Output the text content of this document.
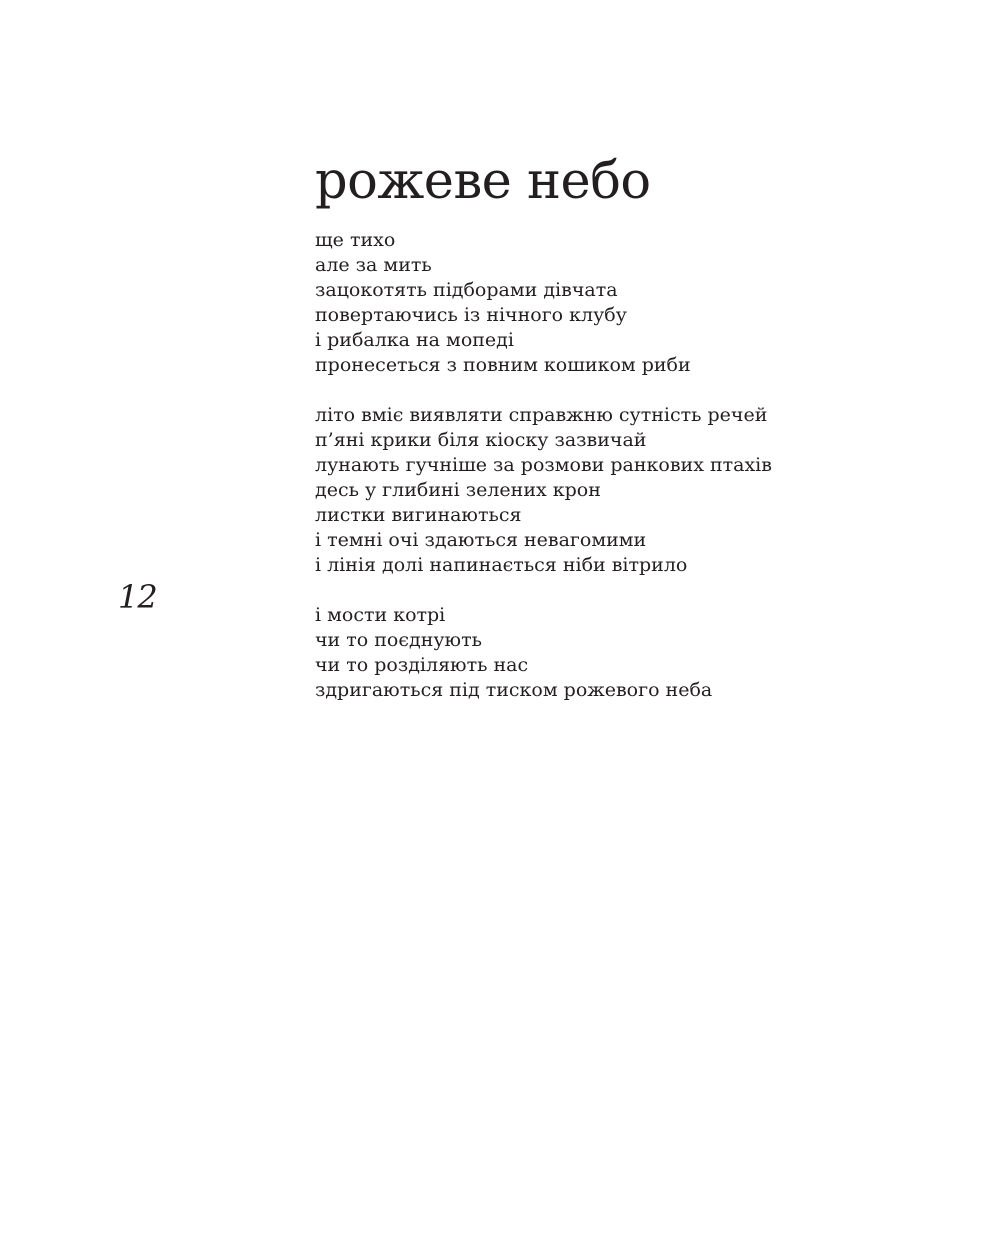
12
рожеве небо

ще тихо
але за мить
зацокотять підборами дівчата
повертаючись із нічного клубу
і рибалка на мопеді
пронесеться з повним кошиком риби

літо вміє виявляти справжню сутність речей
п’яні крики біля кіоску зазвичай
лунають гучніше за розмови ранкових птахів
десь у глибині зелених крон
листки вигинаються
і темні очі здаються невагомими
і лінія долі напинається ніби вітрило

і мости котрі
чи то поєднують
чи то розділяють нас
здригаються під тиском рожевого неба
